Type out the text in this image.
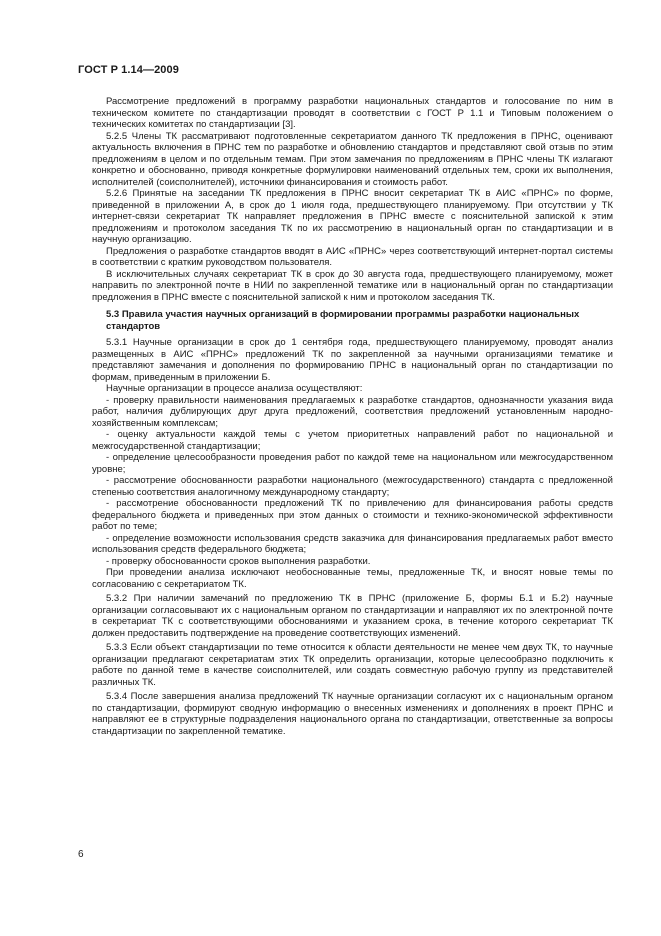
ГОСТ Р 1.14—2009

Рассмотрение предложений в программу разработки национальных стандартов и голосование по ним в техническом комитете по стандартизации проводят в соответствии с ГОСТ Р 1.1 и Типовым положением о технических комитетах по стандартизации [3].

5.2.5 Члены ТК рассматривают подготовленные секретариатом данного ТК предложения в ПРНС, оценивают актуальность включения в ПРНС тем по разработке и обновлению стандартов и представляют свой отзыв по этим предложениям в целом и по отдельным темам. При этом замечания по предложениям в ПРНС члены ТК излагают конкретно и обоснованно, приводя конкретные формулировки наименований отдельных тем, сроки их выполнения, исполнителей (соисполнителей), источники финансирования и стоимость работ.

5.2.6 Принятые на заседании ТК предложения в ПРНС вносит секретариат ТК в АИС «ПРНС» по форме, приведенной в приложении А, в срок до 1 июля года, предшествующего планируемому. При отсутствии у ТК интернет-связи секретариат ТК направляет предложения в ПРНС вместе с пояснительной запиской к этим предложениям и протоколом заседания ТК по их рассмотрению в национальный орган по стандартизации и в научную организацию.

Предложения о разработке стандартов вводят в АИС «ПРНС» через соответствующий интернет-портал системы в соответствии с кратким руководством пользователя.

В исключительных случаях секретариат ТК в срок до 30 августа года, предшествующего планируемому, может направить по электронной почте в НИИ по закрепленной тематике или в национальный орган по стандартизации предложения в ПРНС вместе с пояснительной запиской к ним и протоколом заседания ТК.

5.3 Правила участия научных организаций в формировании программы разработки национальных стандартов

5.3.1 Научные организации в срок до 1 сентября года, предшествующего планируемому, проводят анализ размещенных в АИС «ПРНС» предложений ТК по закрепленной за научными организациями тематике и представляют замечания и дополнения по формированию ПРНС в национальный орган по стандартизации по формам, приведенным в приложении Б.

Научные организации в процессе анализа осуществляют:

- проверку правильности наименования предлагаемых к разработке стандартов, однозначности указания вида работ, наличия дублирующих друг друга предложений, соответствия предложений установленным народно-хозяйственным комплексам;

- оценку актуальности каждой темы с учетом приоритетных направлений работ по национальной и межгосударственной стандартизации;

- определение целесообразности проведения работ по каждой теме на национальном или межгосударственном уровне;

- рассмотрение обоснованности разработки национального (межгосударственного) стандарта с предложенной степенью соответствия аналогичному международному стандарту;

- рассмотрение обоснованности предложений ТК по привлечению для финансирования работы средств федерального бюджета и приведенных при этом данных о стоимости и технико-экономической эффективности работ по теме;

- определение возможности использования средств заказчика для финансирования предлагаемых работ вместо использования средств федерального бюджета;

- проверку обоснованности сроков выполнения разработки.

При проведении анализа исключают необоснованные темы, предложенные ТК, и вносят новые темы по согласованию с секретариатом ТК.

5.3.2 При наличии замечаний по предложению ТК в ПРНС (приложение Б, формы Б.1 и Б.2) научные организации согласовывают их с национальным органом по стандартизации и направляют их по электронной почте в секретариат ТК с соответствующими обоснованиями и указанием срока, в течение которого секретариат ТК должен предоставить подтверждение на проведение соответствующих изменений.

5.3.3 Если объект стандартизации по теме относится к области деятельности не менее чем двух ТК, то научные организации предлагают секретариатам этих ТК определить организации, которые целесообразно подключить к работе по данной теме в качестве соисполнителей, или создать совместную рабочую группу из представителей различных ТК.

5.3.4 После завершения анализа предложений ТК научные организации согласуют их с национальным органом по стандартизации, формируют сводную информацию о внесенных изменениях и дополнениях в проект ПРНС и направляют ее в структурные подразделения национального органа по стандартизации, ответственные за вопросы стандартизации по закрепленной тематике.

6
